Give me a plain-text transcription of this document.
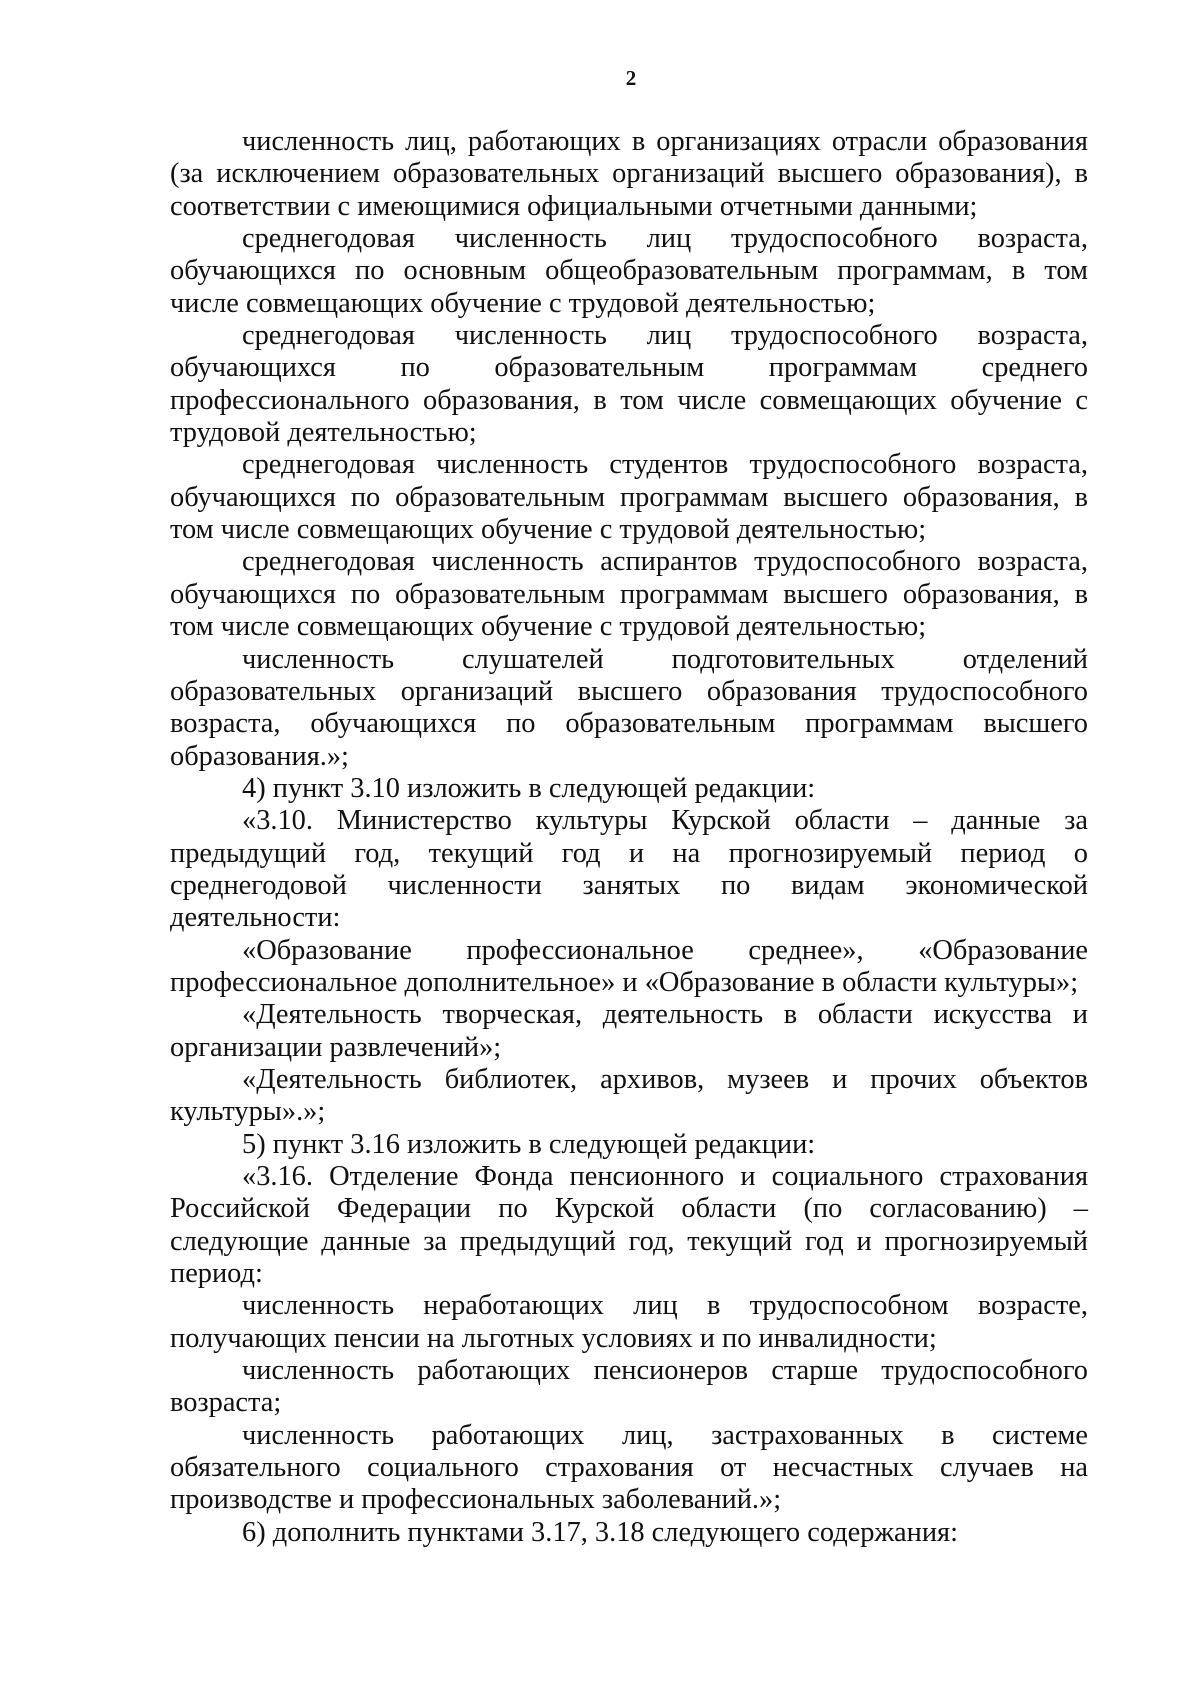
2

численность лиц, работающих в организациях отрасли образования (за исключением образовательных организаций высшего образования), в соответствии с имеющимися официальными отчетными данными;

среднегодовая численность лиц трудоспособного возраста, обучающихся по основным общеобразовательным программам, в том числе совмещающих обучение с трудовой деятельностью;

среднегодовая численность лиц трудоспособного возраста, обучающихся по образовательным программам среднего профессионального образования, в том числе совмещающих обучение с трудовой деятельностью;

среднегодовая численность студентов трудоспособного возраста, обучающихся по образовательным программам высшего образования, в том числе совмещающих обучение с трудовой деятельностью;

среднегодовая численность аспирантов трудоспособного возраста, обучающихся по образовательным программам высшего образования, в том числе совмещающих обучение с трудовой деятельностью;

численность слушателей подготовительных отделений образовательных организаций высшего образования трудоспособного возраста, обучающихся по образовательным программам высшего образования.»;

4) пункт 3.10 изложить в следующей редакции:

«3.10. Министерство культуры Курской области – данные за предыдущий год, текущий год и на прогнозируемый период о среднегодовой численности занятых по видам экономической деятельности:

«Образование профессиональное среднее», «Образование профессиональное дополнительное» и «Образование в области культуры»;

«Деятельность творческая, деятельность в области искусства и организации развлечений»;

«Деятельность библиотек, архивов, музеев и прочих объектов культуры».»;

5) пункт 3.16 изложить в следующей редакции:

«3.16. Отделение Фонда пенсионного и социального страхования Российской Федерации по Курской области (по согласованию) – следующие данные за предыдущий год, текущий год и прогнозируемый период:

численность неработающих лиц в трудоспособном возрасте, получающих пенсии на льготных условиях и по инвалидности;

численность работающих пенсионеров старше трудоспособного возраста;

численность работающих лиц, застрахованных в системе обязательного социального страхования от несчастных случаев на производстве и профессиональных заболеваний.»;

6) дополнить пунктами 3.17, 3.18 следующего содержания:
